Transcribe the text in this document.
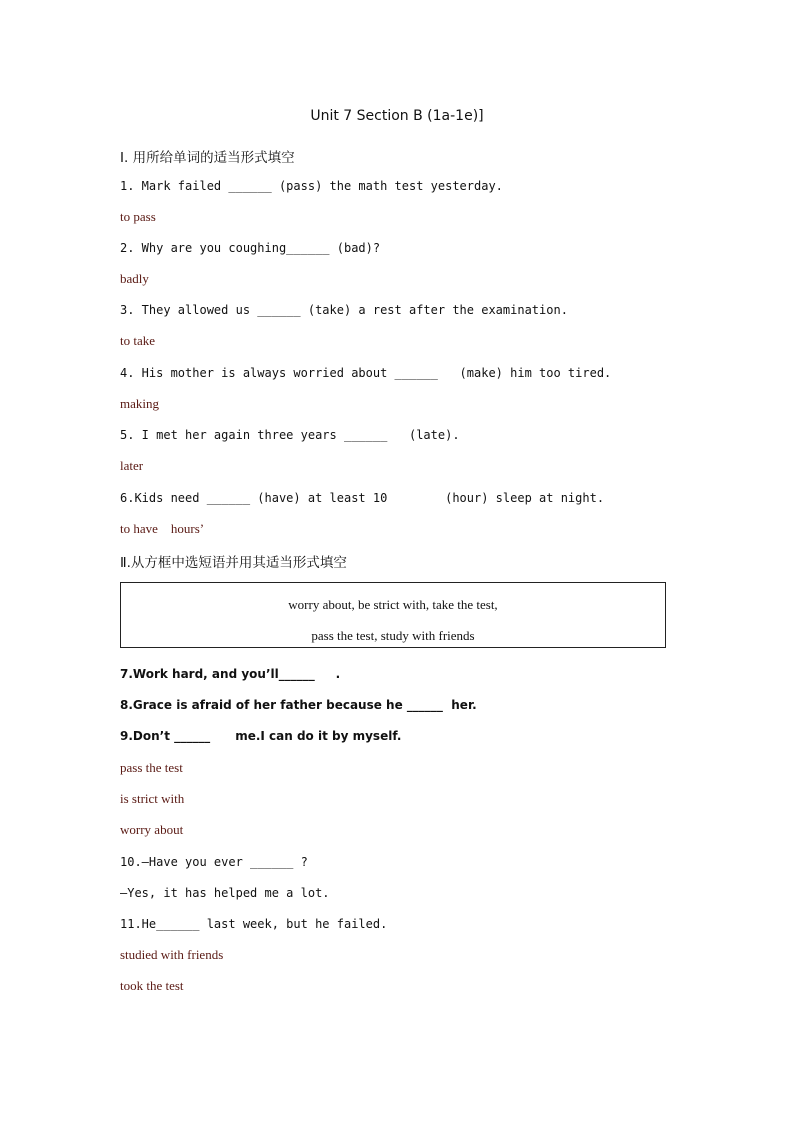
Unit 7 Section B (1a-1e)]
Ⅰ. 用所给单词的适当形式填空
1. Mark failed ______ (pass) the math test yesterday.
to pass
2. Why are you coughing______ (bad)?
badly
3. They allowed us ______ (take) a rest after the examination.
to take
4. His mother is always worried about ______   (make) him too tired.
making
5. I met her again three years ______   (late).
later
6.Kids need ______ (have) at least 10        (hour) sleep at night.
to have    hours’
Ⅱ.从方框中选短语并用其适当形式填空
worry about, be strict with, take the test,
pass the test, study with friends
7.Work hard, and you’ll______     .
8.Grace is afraid of her father because he ______  her.
9.Don’t ______      me.I can do it by myself.
pass the test
is strict with
worry about
10.—Have you ever ______ ?
—Yes, it has helped me a lot.
11.He______ last week, but he failed.
studied with friends
took the test
